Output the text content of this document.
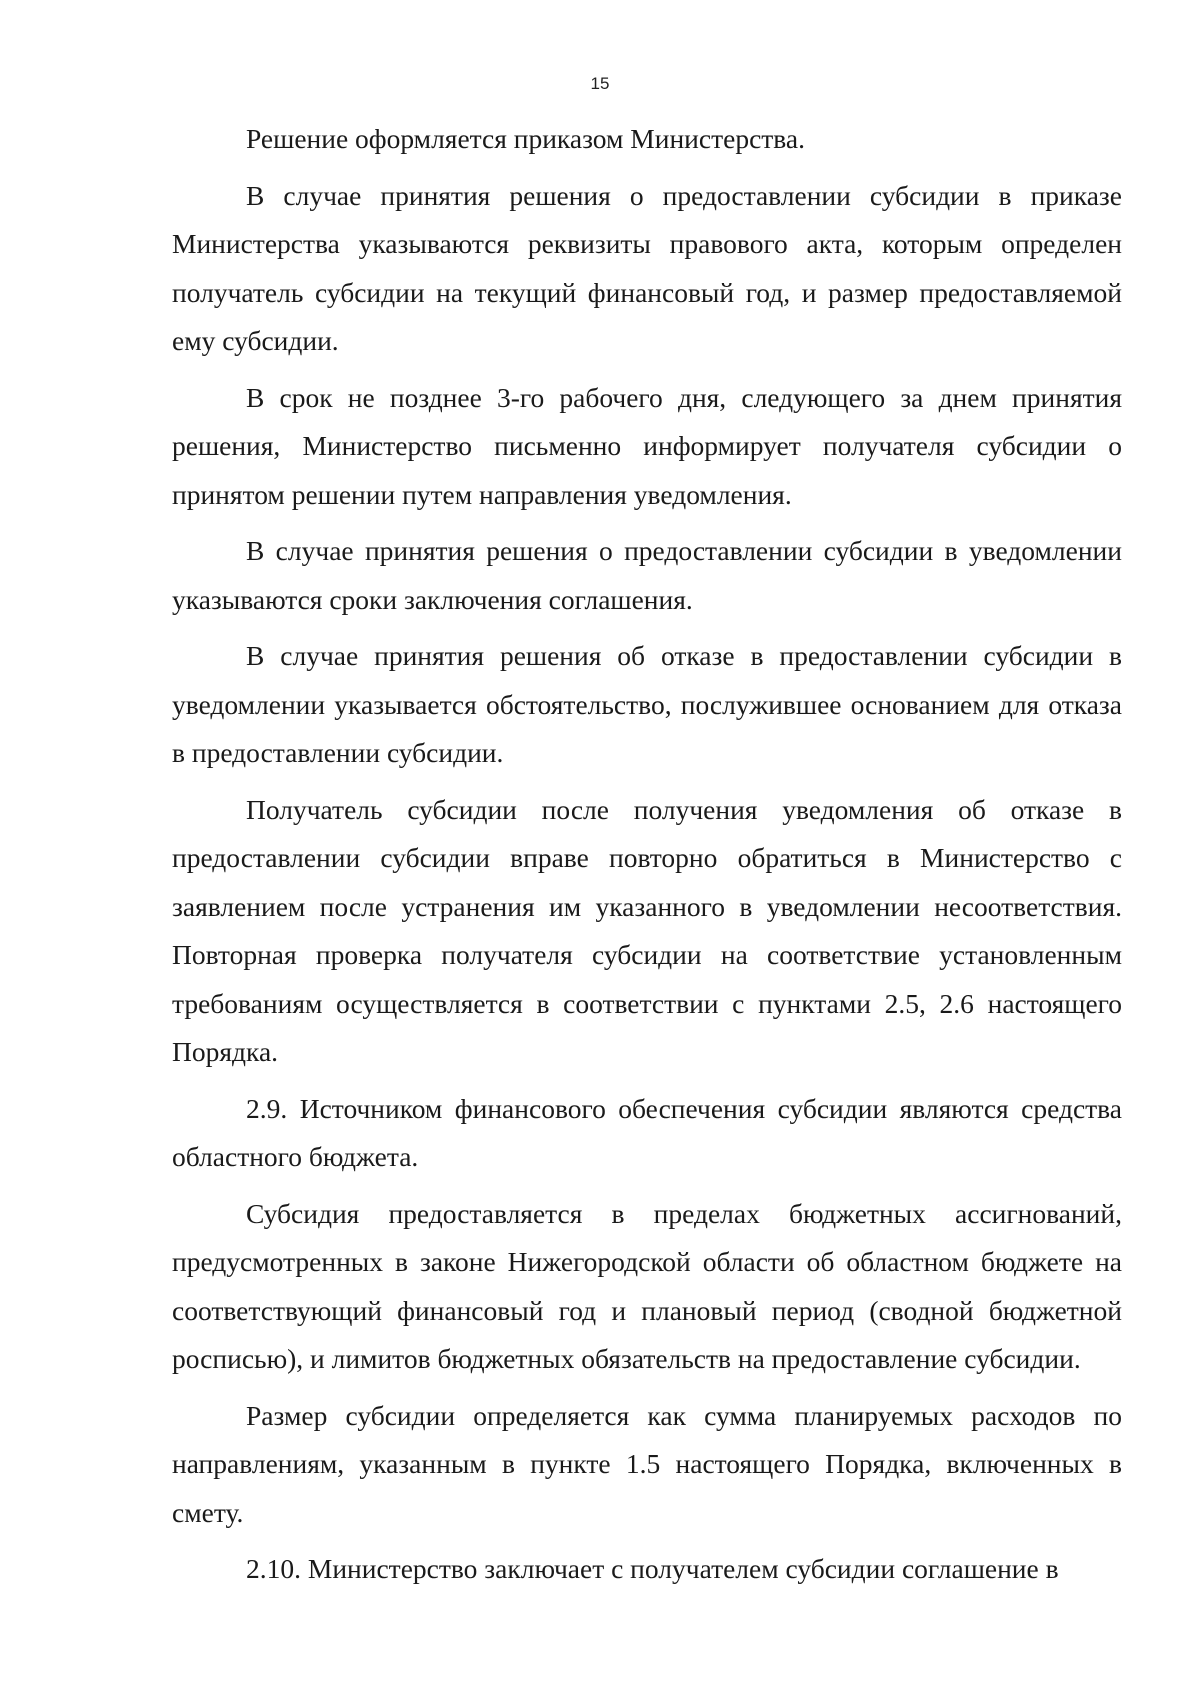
15

Решение оформляется приказом Министерства.

В случае принятия решения о предоставлении субсидии в приказе Министерства указываются реквизиты правового акта, которым определен получатель субсидии на текущий финансовый год, и размер предоставляемой ему субсидии.

В срок не позднее 3-го рабочего дня, следующего за днем принятия решения, Министерство письменно информирует получателя субсидии о принятом решении путем направления уведомления.

В случае принятия решения о предоставлении субсидии в уведомлении указываются сроки заключения соглашения.

В случае принятия решения об отказе в предоставлении субсидии в уведомлении указывается обстоятельство, послужившее основанием для отказа в предоставлении субсидии.

Получатель субсидии после получения уведомления об отказе в предоставлении субсидии вправе повторно обратиться в Министерство с заявлением после устранения им указанного в уведомлении несоответствия. Повторная проверка получателя субсидии на соответствие установленным требованиям осуществляется в соответствии с пунктами 2.5, 2.6 настоящего Порядка.

2.9. Источником финансового обеспечения субсидии являются средства областного бюджета.

Субсидия предоставляется в пределах бюджетных ассигнований, предусмотренных в законе Нижегородской области об областном бюджете на соответствующий финансовый год и плановый период (сводной бюджетной росписью), и лимитов бюджетных обязательств на предоставление субсидии.

Размер субсидии определяется как сумма планируемых расходов по направлениям, указанным в пункте 1.5 настоящего Порядка, включенных в смету.

2.10. Министерство заключает с получателем субсидии соглашение в
